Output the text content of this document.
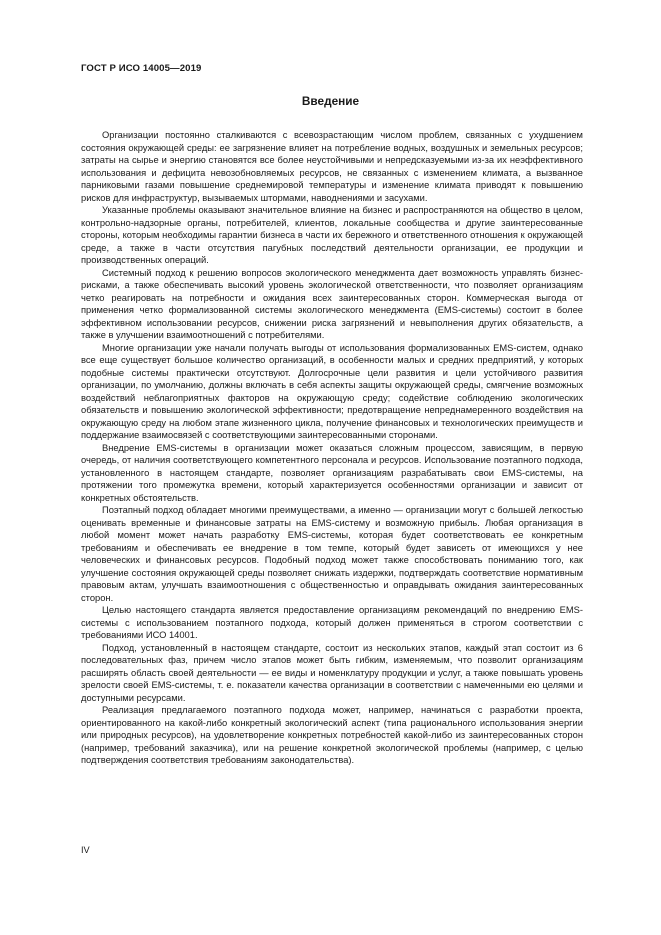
ГОСТ Р ИСО 14005—2019
Введение

Организации постоянно сталкиваются с всевозрастающим числом проблем, связанных с ухудшением состояния окружающей среды: ее загрязнение влияет на потребление водных, воздушных и земельных ресурсов; затраты на сырье и энергию становятся все более неустойчивыми и непредсказуемыми из-за их неэффективного использования и дефицита невозобновляемых ресурсов, не связанных с изменением климата, а вызванное парниковыми газами повышение среднемировой температуры и изменение климата приводят к повышению рисков для инфраструктур, вызываемых штормами, наводнениями и засухами.

Указанные проблемы оказывают значительное влияние на бизнес и распространяются на общество в целом, контрольно-надзорные органы, потребителей, клиентов, локальные сообщества и другие заинтересованные стороны, которым необходимы гарантии бизнеса в части их бережного и ответственного отношения к окружающей среде, а также в части отсутствия пагубных последствий деятельности организации, ее продукции и производственных операций.

Системный подход к решению вопросов экологического менеджмента дает возможность управлять бизнес-рисками, а также обеспечивать высокий уровень экологической ответственности, что позволяет организациям четко реагировать на потребности и ожидания всех заинтересованных сторон. Коммерческая выгода от применения четко формализованной системы экологического менеджмента (EMS-системы) состоит в более эффективном использовании ресурсов, снижении риска загрязнений и невыполнения других обязательств, а также в улучшении взаимоотношений с потребителями.

Многие организации уже начали получать выгоды от использования формализованных EMS-систем, однако все еще существует большое количество организаций, в особенности малых и средних предприятий, у которых подобные системы практически отсутствуют. Долгосрочные цели развития и цели устойчивого развития организации, по умолчанию, должны включать в себя аспекты защиты окружающей среды, смягчение возможных воздействий неблагоприятных факторов на окружающую среду; содействие соблюдению экологических обязательств и повышению экологической эффективности; предотвращение непреднамеренного воздействия на окружающую среду на любом этапе жизненного цикла, получение финансовых и технологических преимуществ и поддержание взаимосвязей с соответствующими заинтересованными сторонами.

Внедрение EMS-системы в организации может оказаться сложным процессом, зависящим, в первую очередь, от наличия соответствующего компетентного персонала и ресурсов. Использование поэтапного подхода, установленного в настоящем стандарте, позволяет организациям разрабатывать свои EMS-системы, на протяжении того промежутка времени, который характеризуется особенностями организации и зависит от конкретных обстоятельств.

Поэтапный подход обладает многими преимуществами, а именно — организации могут с большей легкостью оценивать временные и финансовые затраты на EMS-систему и возможную прибыль. Любая организация в любой момент может начать разработку EMS-системы, которая будет соответствовать ее конкретным требованиям и обеспечивать ее внедрение в том темпе, который будет зависеть от имеющихся у нее человеческих и финансовых ресурсов. Подобный подход может также способствовать пониманию того, как улучшение состояния окружающей среды позволяет снижать издержки, подтверждать соответствие нормативным правовым актам, улучшать взаимоотношения с общественностью и оправдывать ожидания заинтересованных сторон.

Целью настоящего стандарта является предоставление организациям рекомендаций по внедрению EMS-системы с использованием поэтапного подхода, который должен применяться в строгом соответствии с требованиями ИСО 14001.

Подход, установленный в настоящем стандарте, состоит из нескольких этапов, каждый этап состоит из 6 последовательных фаз, причем число этапов может быть гибким, изменяемым, что позволит организациям расширять область своей деятельности — ее виды и номенклатуру продукции и услуг, а также повышать уровень зрелости своей EMS-системы, т. е. показатели качества организации в соответствии с намеченными ею целями и доступными ресурсами.

Реализация предлагаемого поэтапного подхода может, например, начинаться с разработки проекта, ориентированного на какой-либо конкретный экологический аспект (типа рационального использования энергии или природных ресурсов), на удовлетворение конкретных потребностей какой-либо из заинтересованных сторон (например, требований заказчика), или на решение конкретной экологической проблемы (например, с целью подтверждения соответствия требованиям законодательства).

IV
